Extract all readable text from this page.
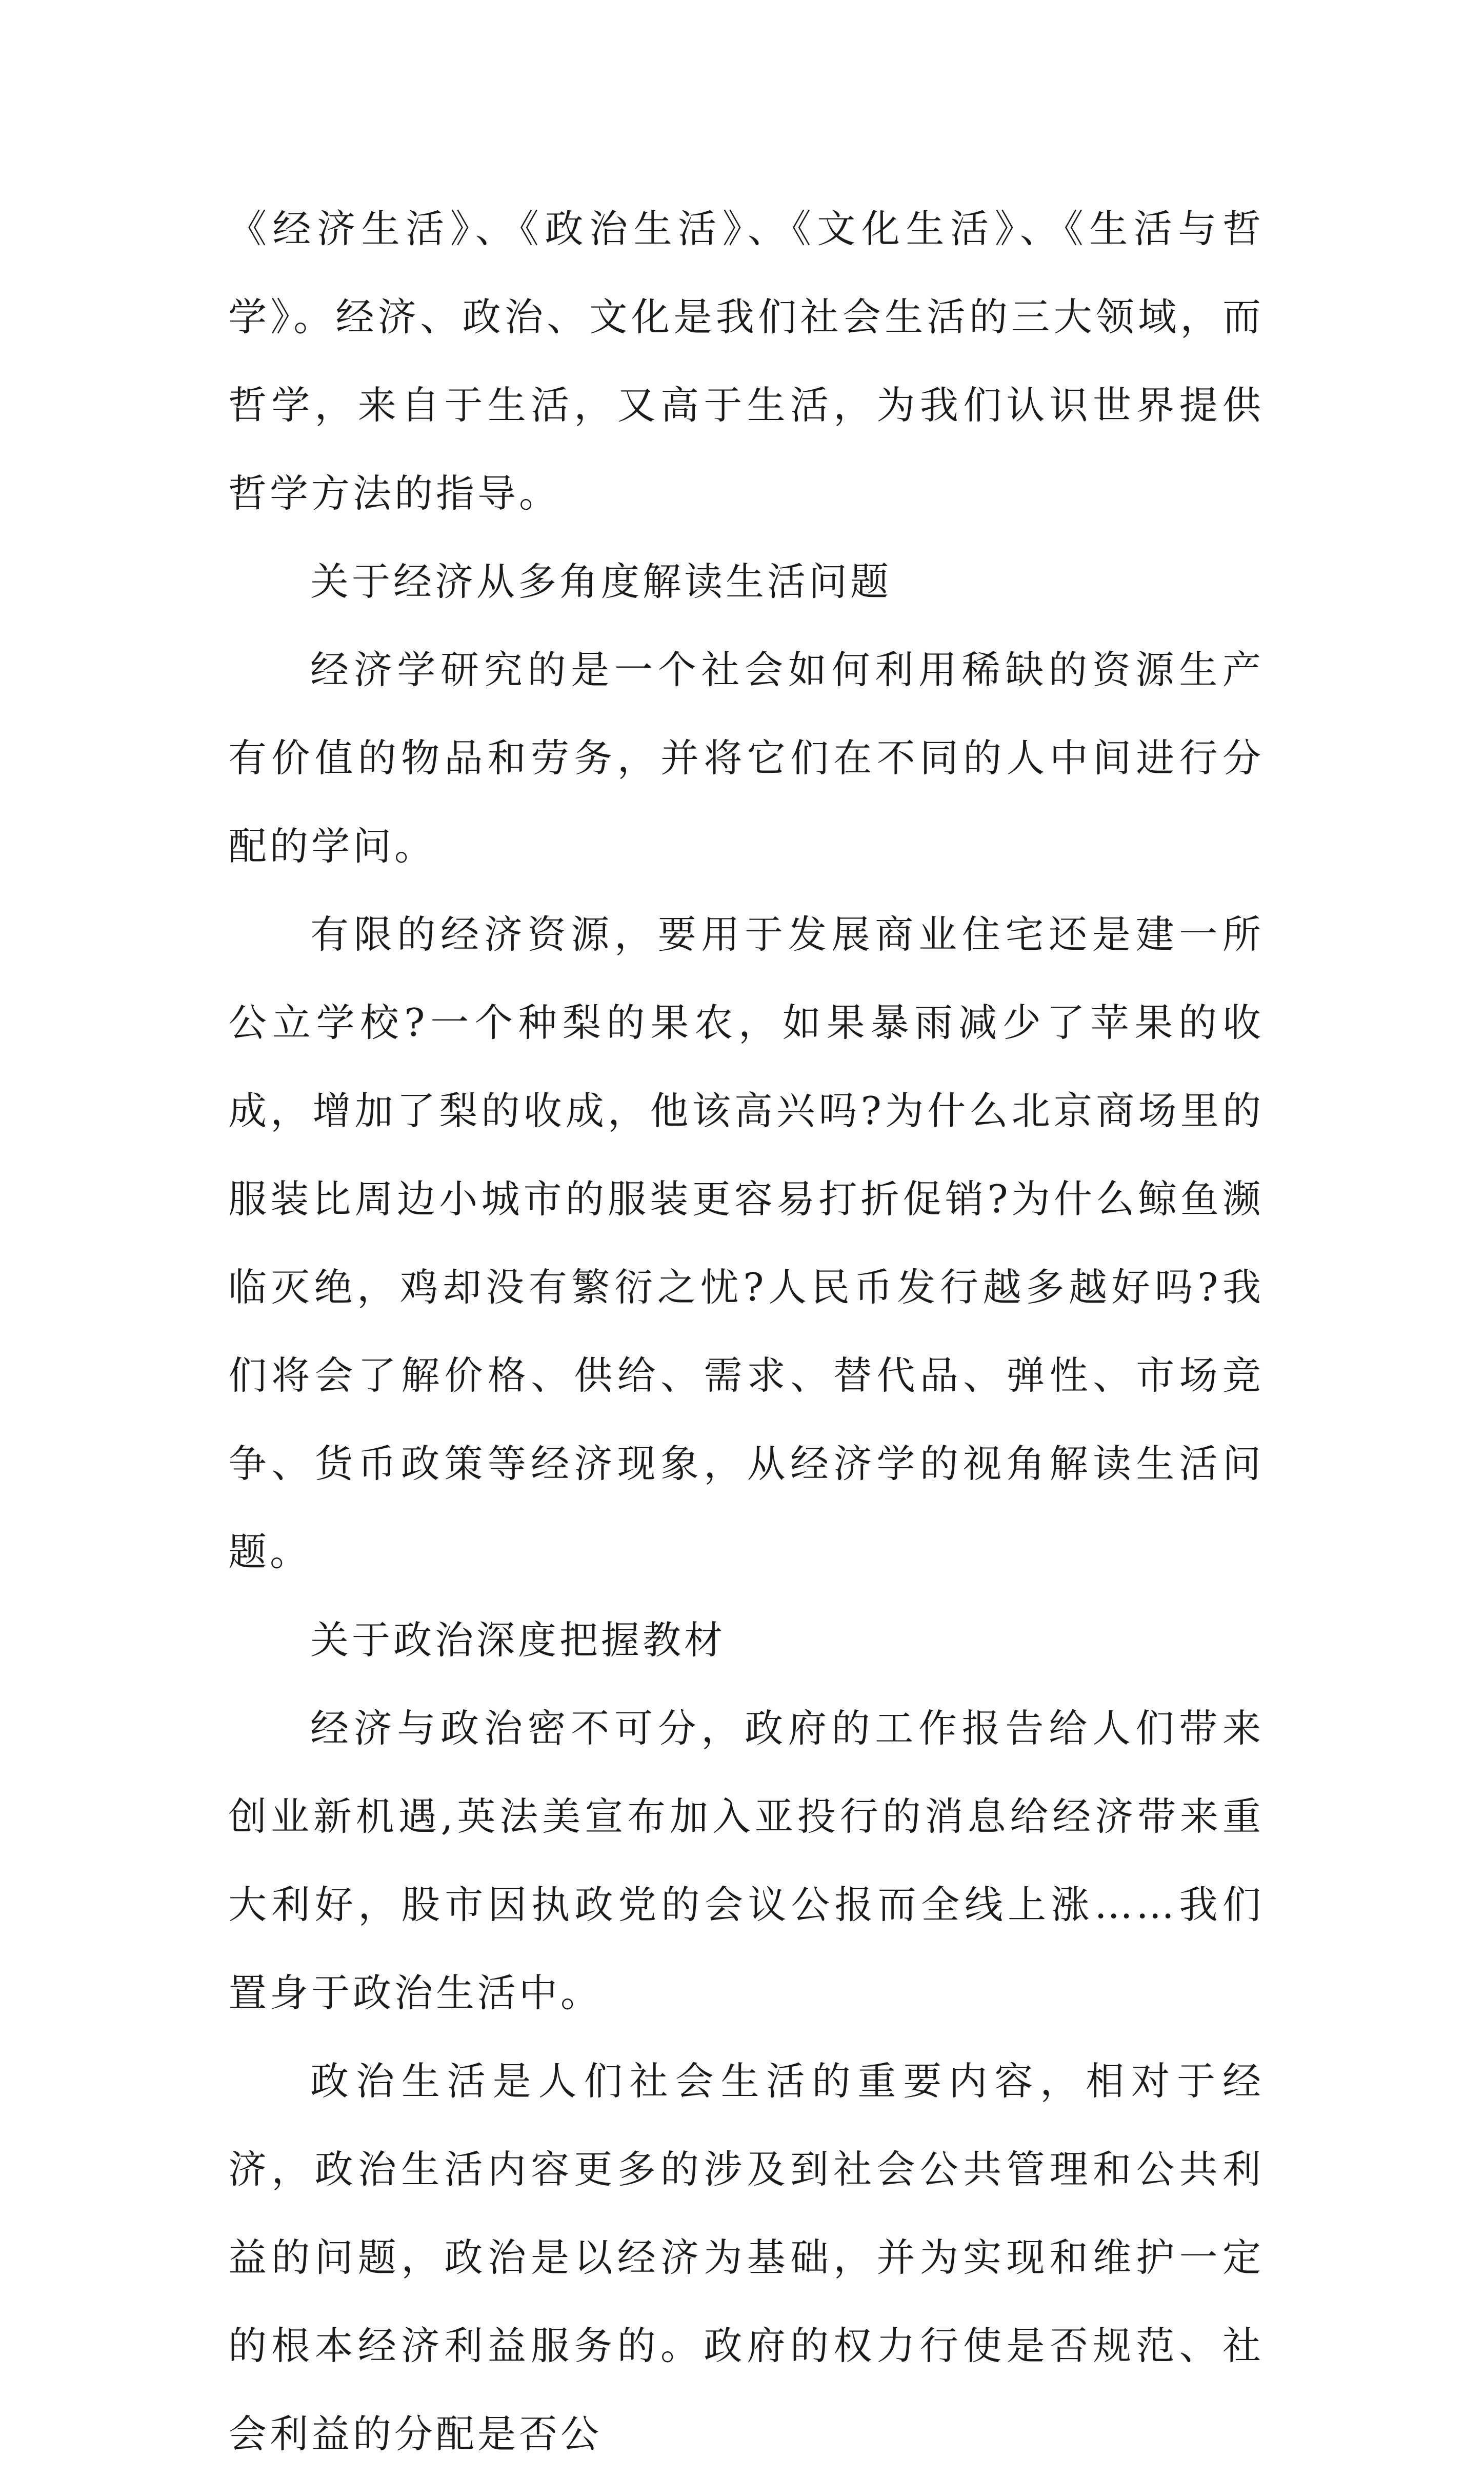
《经济生活》、《政治生活》、《文化生活》、《生活与哲学》。经济、政治、文化是我们社会生活的三大领域，而哲学，来自于生活，又高于生活，为我们认识世界提供哲学方法的指导。

关于经济从多角度解读生活问题

经济学研究的是一个社会如何利用稀缺的资源生产有价值的物品和劳务，并将它们在不同的人中间进行分配的学问。

有限的经济资源，要用于发展商业住宅还是建一所公立学校?一个种梨的果农，如果暴雨减少了苹果的收成，增加了梨的收成，他该高兴吗?为什么北京商场里的服装比周边小城市的服装更容易打折促销?为什么鲸鱼濒临灭绝，鸡却没有繁衍之忧?人民币发行越多越好吗?我们将会了解价格、供给、需求、替代品、弹性、市场竞争、货币政策等经济现象，从经济学的视角解读生活问题。

关于政治深度把握教材

经济与政治密不可分，政府的工作报告给人们带来创业新机遇,英法美宣布加入亚投行的消息给经济带来重大利好，股市因执政党的会议公报而全线上涨……我们置身于政治生活中。

政治生活是人们社会生活的重要内容，相对于经济，政治生活内容更多的涉及到社会公共管理和公共利益的问题，政治是以经济为基础，并为实现和维护一定的根本经济利益服务的。政府的权力行使是否规范、社会利益的分配是否公
